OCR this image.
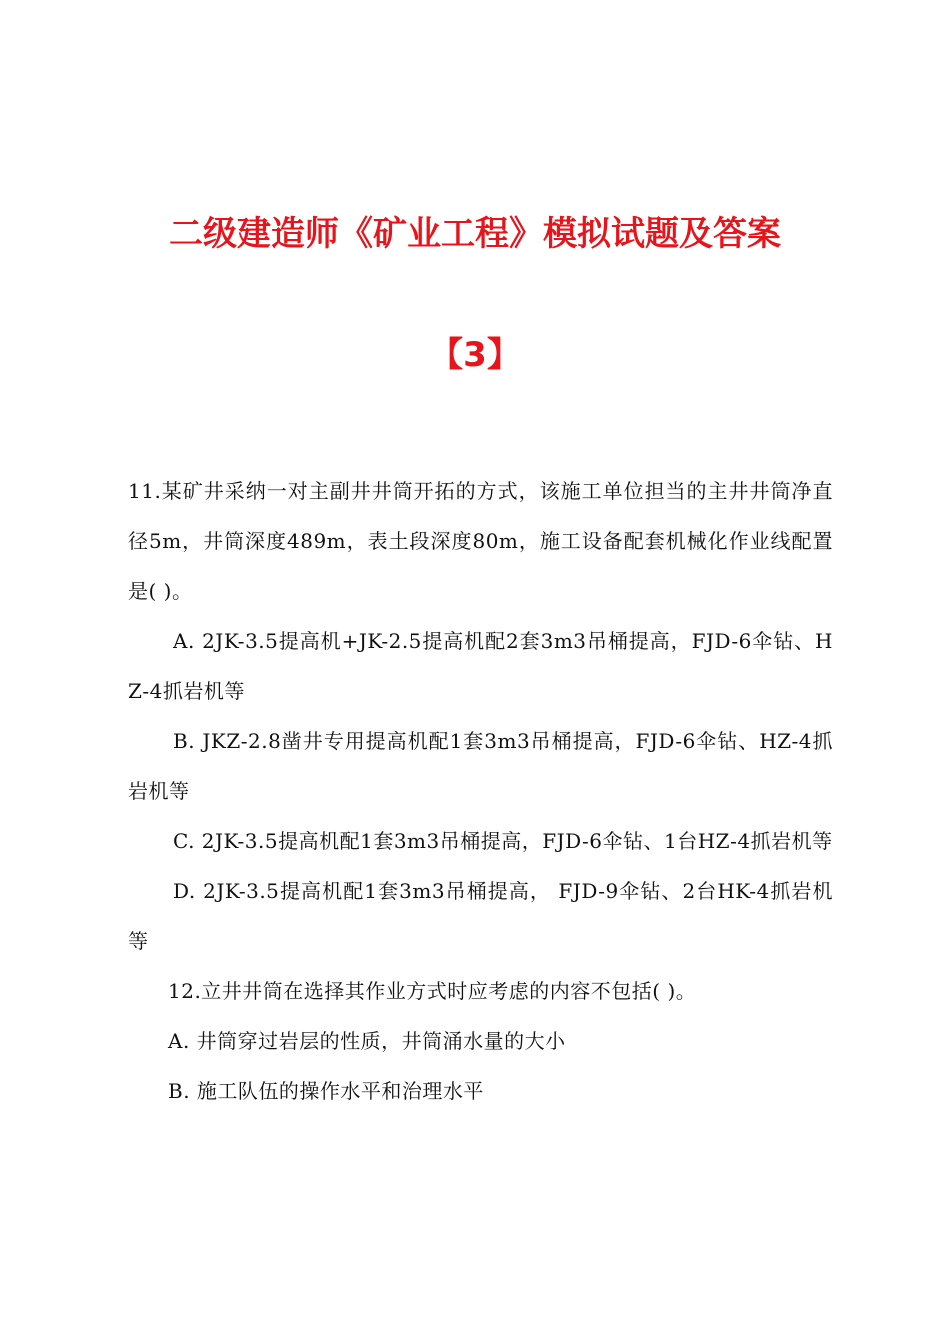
二级建造师《矿业工程》模拟试题及答案
【3】

11.某矿井采纳一对主副井井筒开拓的方式，该施工单位担当的主井井筒净直径5m，井筒深度489m，表土段深度80m，施工设备配套机械化作业线配置是( )。

A. 2JK-3.5提高机+JK-2.5提高机配2套3m3吊桶提高，FJD-6伞钻、HZ-4抓岩机等

B. JKZ-2.8凿井专用提高机配1套3m3吊桶提高，FJD-6伞钻、HZ-4抓岩机等

C. 2JK-3.5提高机配1套3m3吊桶提高，FJD-6伞钻、1台HZ-4抓岩机等

D. 2JK-3.5提高机配1套3m3吊桶提高， FJD-9伞钻、2台HK-4抓岩机等

12.立井井筒在选择其作业方式时应考虑的内容不包括( )。

A. 井筒穿过岩层的性质，井筒涌水量的大小

B. 施工队伍的操作水平和治理水平
